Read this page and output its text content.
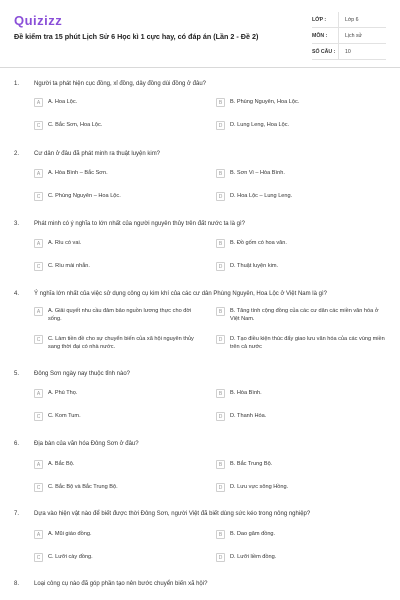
Quizizz
Đề kiểm tra 15 phút Lịch Sử 6 Học kì 1 cực hay, có đáp án (Lần 2 - Đề 2)
LỚP :	Lớp 6
MÔN :	Lịch sử
SỐ CÂU :	10
1.	Người ta phát hiện cục đồng, xỉ đồng, dây đồng dùi đồng ở đâu?
A	A. Hoa Lộc.	B	B. Phùng Nguyên, Hoa Lộc.
C	C. Bắc Sơn, Hoa Lộc.	D	D. Lung Leng, Hoa Lộc.
2.	Cư dân ở đâu đã phát minh ra thuật luyện kim?
A	A. Hòa Bình – Bắc Sơn.	B	B. Sơn Vi – Hòa Bình.
C	C. Phùng Nguyên – Hoa Lộc.	D	D. Hoa Lộc – Lung Leng.
3.	Phát minh có ý nghĩa to lớn nhất của người nguyên thủy trên đất nước ta là gì?
A	A. Rìu có vai.	B	B. Đồ gốm có hoa văn.
C	C. Rìu mài nhẵn.	D	D. Thuật luyện kim.
4.	Ý nghĩa lớn nhất của việc sử dụng công cụ kim khí của các cư dân Phùng Nguyên, Hoa Lộc ở Việt Nam là gì?
A	A. Giải quyết nhu cầu đảm bảo nguồn lương thực cho đời sống.
B	B. Tăng tính cộng đồng của các cư dân các miền văn hóa ở Việt Nam.
C	C. Làm tiền đề cho sự chuyển biến của xã hội nguyên thủy sang thời đại có nhà nước.
D	D. Tạo điều kiện thúc đẩy giao lưu văn hóa của các vùng miền trên cả nước
5.	Đông Sơn ngày nay thuộc tỉnh nào?
A	A. Phú Thọ.	B	B. Hòa Bình.
C	C. Kom Tum.	D	D. Thanh Hóa.
6.	Địa bàn của văn hóa Đông Sơn ở đâu?
A	A. Bắc Bộ.	B	B. Bắc Trung Bộ.
C	C. Bắc Bộ và Bắc Trung Bộ.	D	D. Lưu vực sông Hồng.
7.	Dựa vào hiện vật nào để biết được thời Đông Sơn, người Việt đã biết dùng sức kéo trong nông nghiệp?
A	A. Mũi giáo đồng.	B	B. Dao găm đồng.
C	C. Lưỡi cày đồng.	D	D. Lưỡi liềm đồng.
8.	Loại công cụ nào đã góp phần tạo nên bước chuyển biến xã hội?
